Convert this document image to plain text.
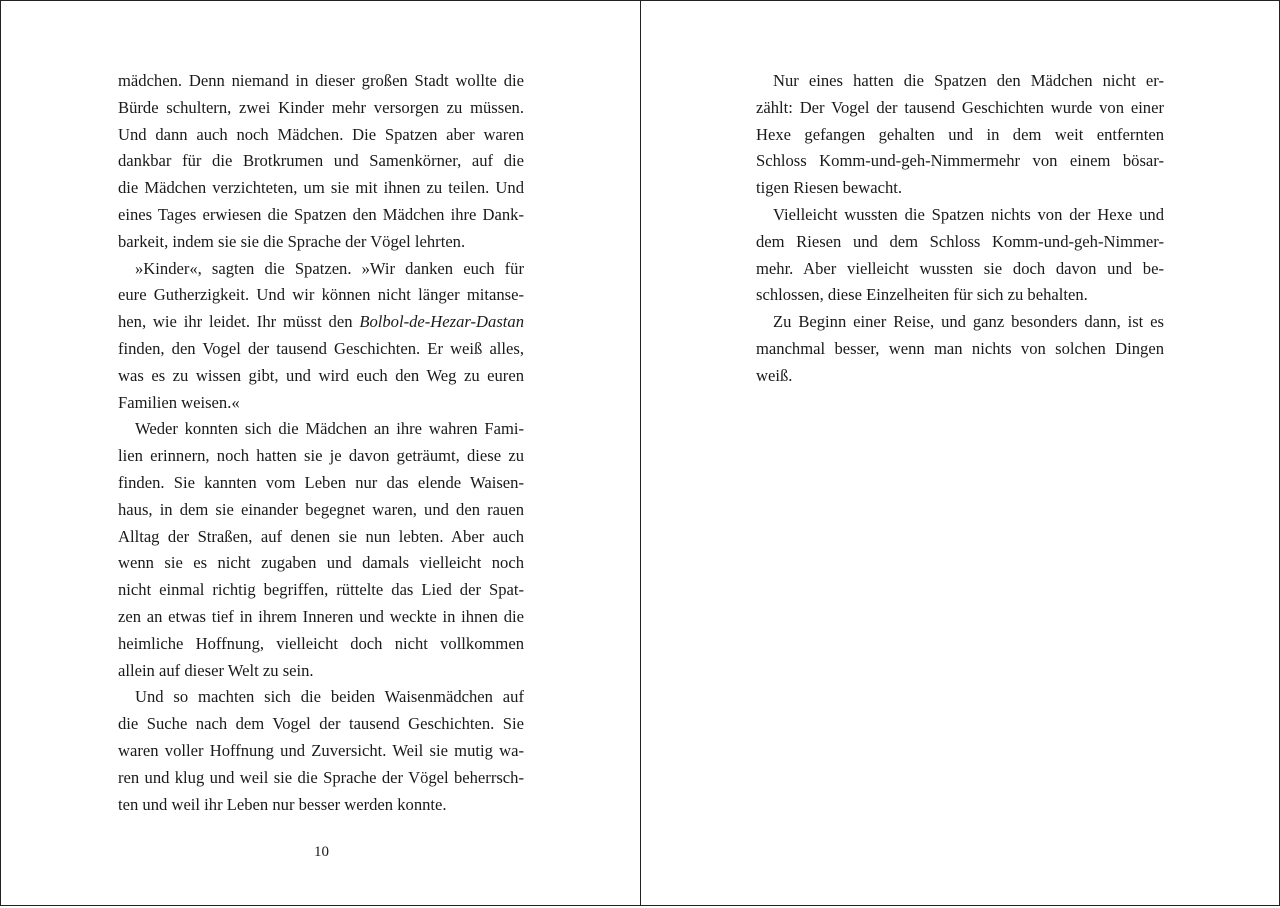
mädchen. Denn niemand in dieser großen Stadt wollte die
Bürde schultern, zwei Kinder mehr versorgen zu müssen.
Und dann auch noch Mädchen. Die Spatzen aber waren
dankbar für die Brotkrumen und Samenkörner, auf die
die Mädchen verzichteten, um sie mit ihnen zu teilen. Und
eines Tages erwiesen die Spatzen den Mädchen ihre Dank-
barkeit, indem sie sie die Sprache der Vögel lehrten.
»Kinder«, sagten die Spatzen. »Wir danken euch für
eure Gutherzigkeit. Und wir können nicht länger mitanse-
hen, wie ihr leidet. Ihr müsst den Bolbol-de-Hezar-Dastan
finden, den Vogel der tausend Geschichten. Er weiß alles,
was es zu wissen gibt, und wird euch den Weg zu euren
Familien weisen.«
Weder konnten sich die Mädchen an ihre wahren Fami-
lien erinnern, noch hatten sie je davon geträumt, diese zu
finden. Sie kannten vom Leben nur das elende Waisen-
haus, in dem sie einander begegnet waren, und den rauen
Alltag der Straßen, auf denen sie nun lebten. Aber auch
wenn sie es nicht zugaben und damals vielleicht noch
nicht einmal richtig begriffen, rüttelte das Lied der Spat-
zen an etwas tief in ihrem Inneren und weckte in ihnen die
heimliche Hoffnung, vielleicht doch nicht vollkommen
allein auf dieser Welt zu sein.
Und so machten sich die beiden Waisenmädchen auf
die Suche nach dem Vogel der tausend Geschichten. Sie
waren voller Hoffnung und Zuversicht. Weil sie mutig wa-
ren und klug und weil sie die Sprache der Vögel beherrsch-
ten und weil ihr Leben nur besser werden konnte.
10
Nur eines hatten die Spatzen den Mädchen nicht er-
zählt: Der Vogel der tausend Geschichten wurde von einer
Hexe gefangen gehalten und in dem weit entfernten
Schloss Komm-und-geh-Nimmermehr von einem bösar-
tigen Riesen bewacht.
Vielleicht wussten die Spatzen nichts von der Hexe und
dem Riesen und dem Schloss Komm-und-geh-Nimmer-
mehr. Aber vielleicht wussten sie doch davon und be-
schlossen, diese Einzelheiten für sich zu behalten.
Zu Beginn einer Reise, und ganz besonders dann, ist es
manchmal besser, wenn man nichts von solchen Dingen
weiß.
